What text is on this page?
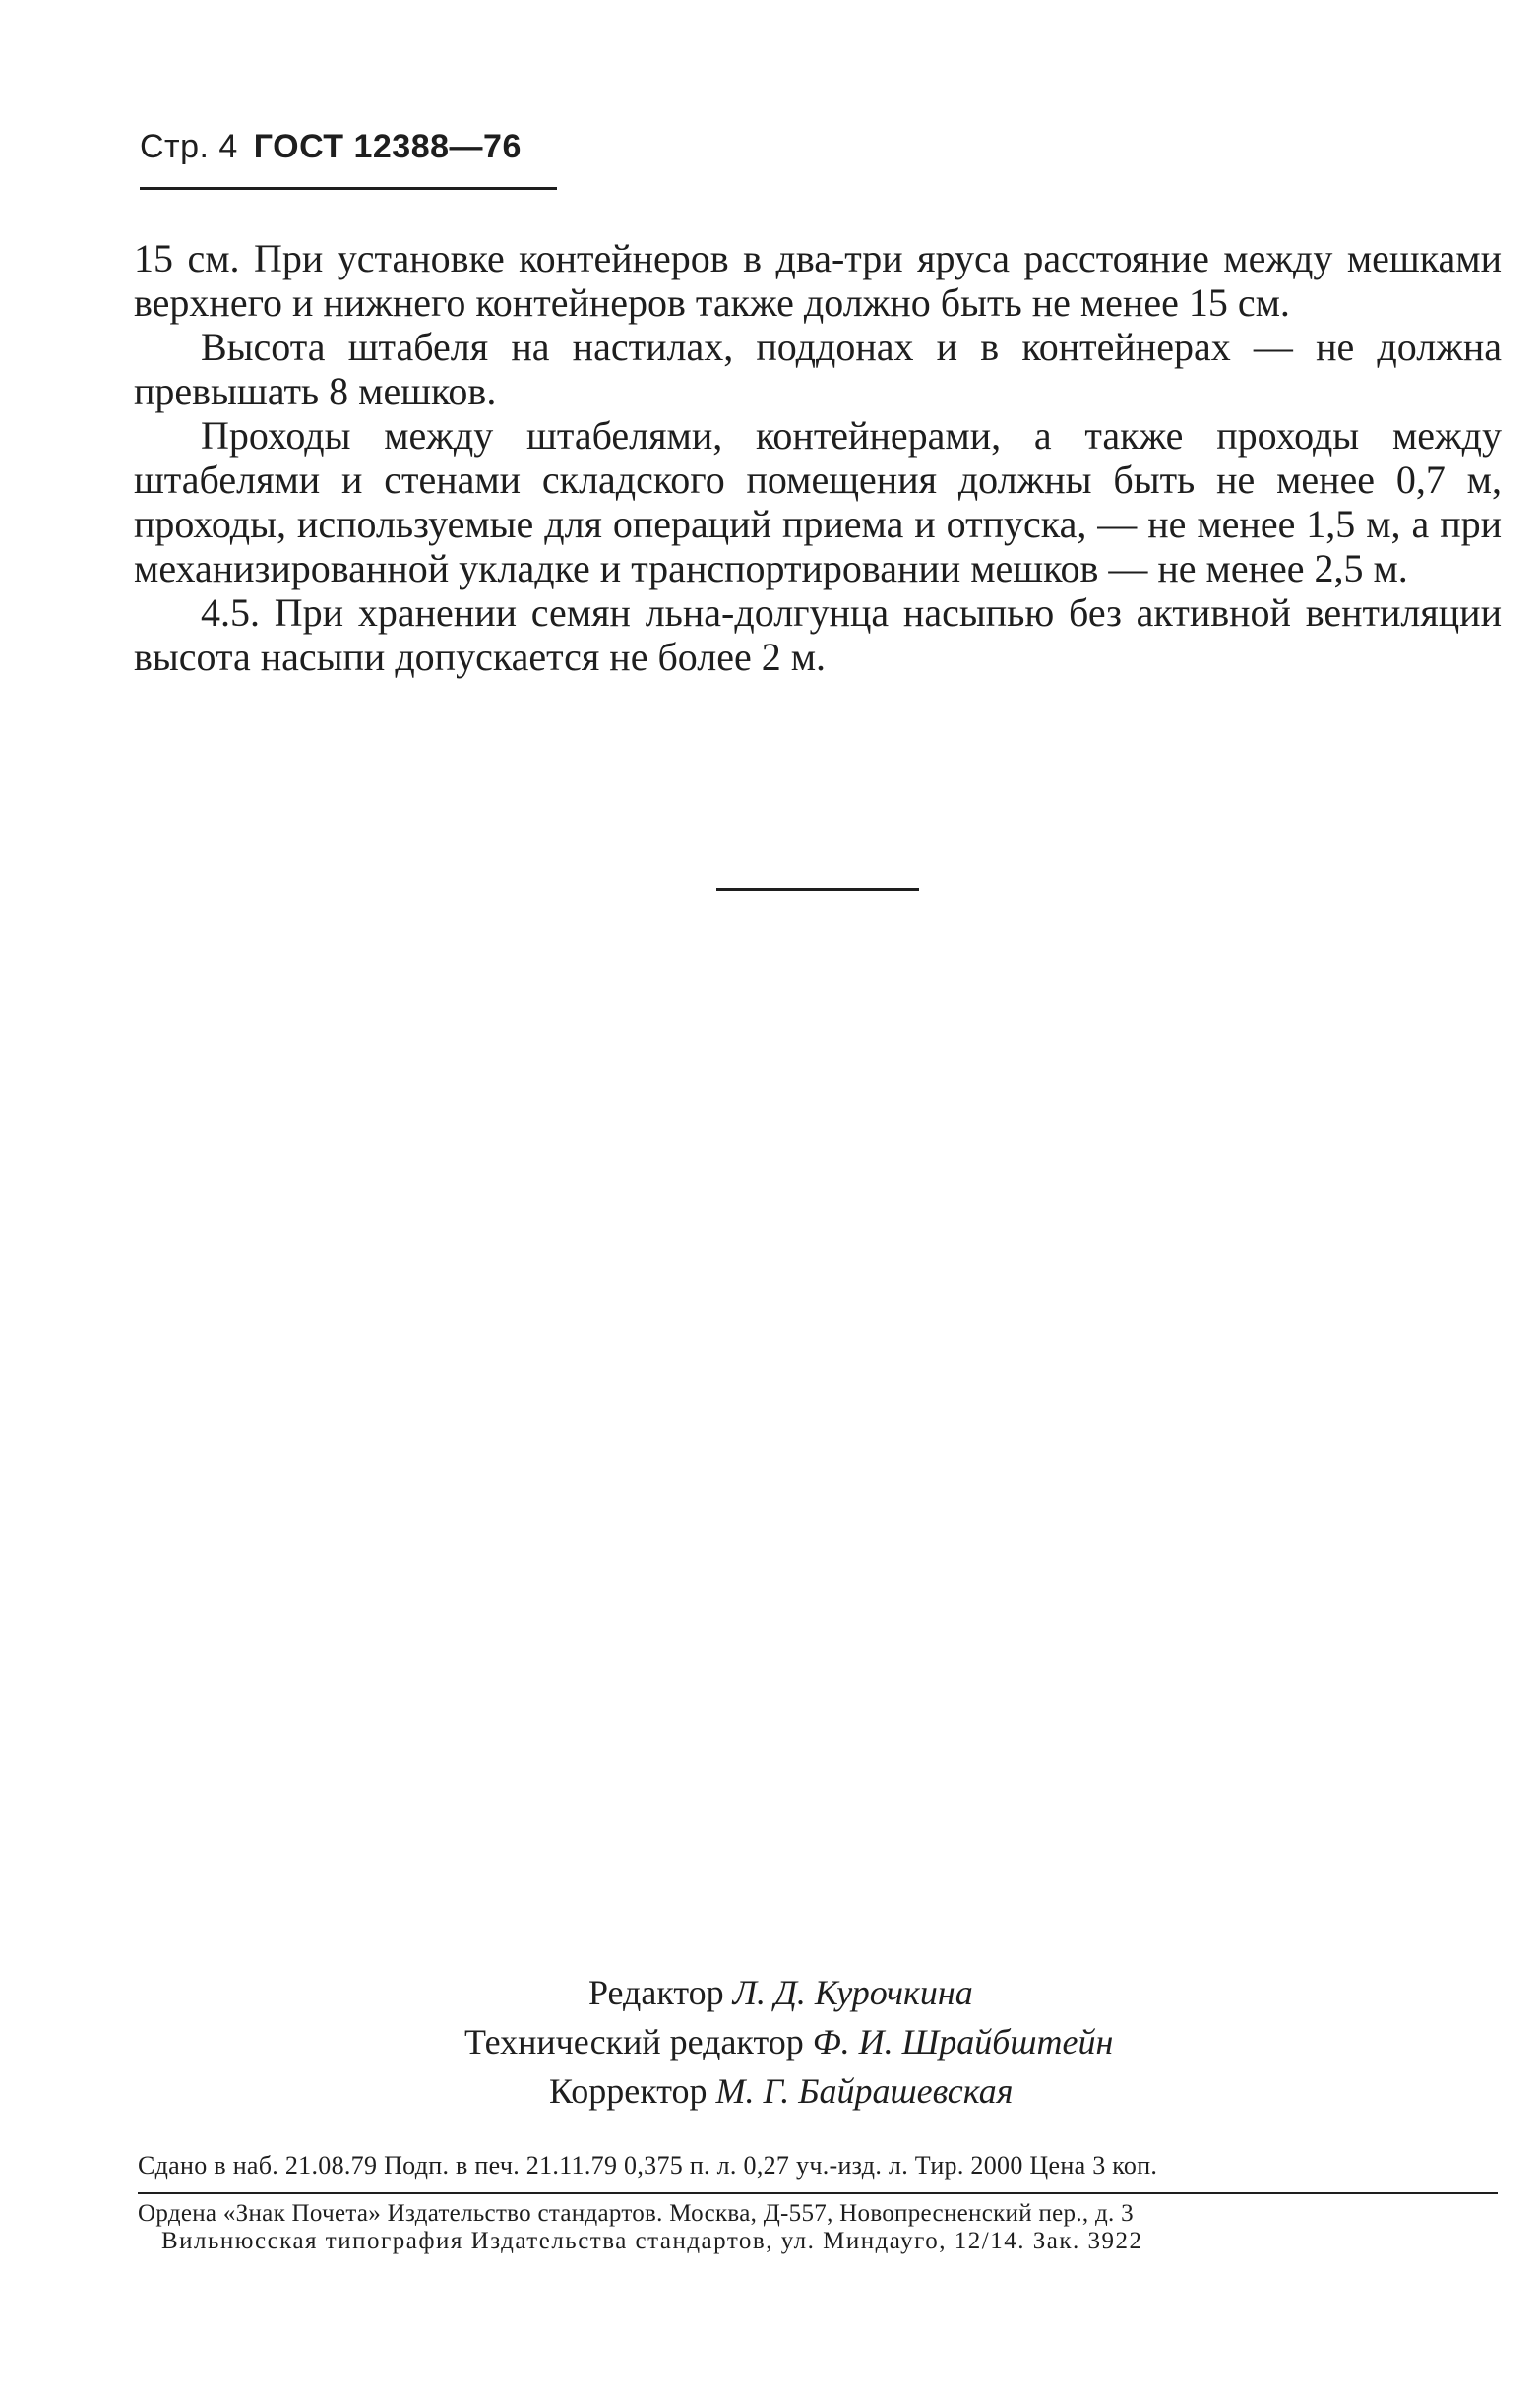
Стр. 4 ГОСТ 12388—76

15 см. При установке контейнеров в два-три яруса расстояние между мешками верхнего и нижнего контейнеров также должно быть не менее 15 см.

Высота штабеля на настилах, поддонах и в контейнерах — не должна превышать 8 мешков.

Проходы между штабелями, контейнерами, а также проходы между штабелями и стенами складского помещения должны быть не менее 0,7 м, проходы, используемые для операций приема и отпуска, — не менее 1,5 м, а при механизированной укладке и транспортировании мешков — не менее 2,5 м.

4.5. При хранении семян льна-долгунца насыпью без активной вентиляции высота насыпи допускается не более 2 м.

Редактор Л. Д. Курочкина
Технический редактор Ф. И. Шрайбштейн
Корректор М. Г. Байрашевская
Сдано в наб. 21.08.79 Подп. в печ. 21.11.79 0,375 п. л. 0,27 уч.-изд. л. Тир. 2000 Цена 3 коп.
Ордена «Знак Почета» Издательство стандартов. Москва, Д-557, Новопресненский пер., д. 3
Вильнюсская типография Издательства стандартов, ул. Миндауго, 12/14. Зак. 3922
